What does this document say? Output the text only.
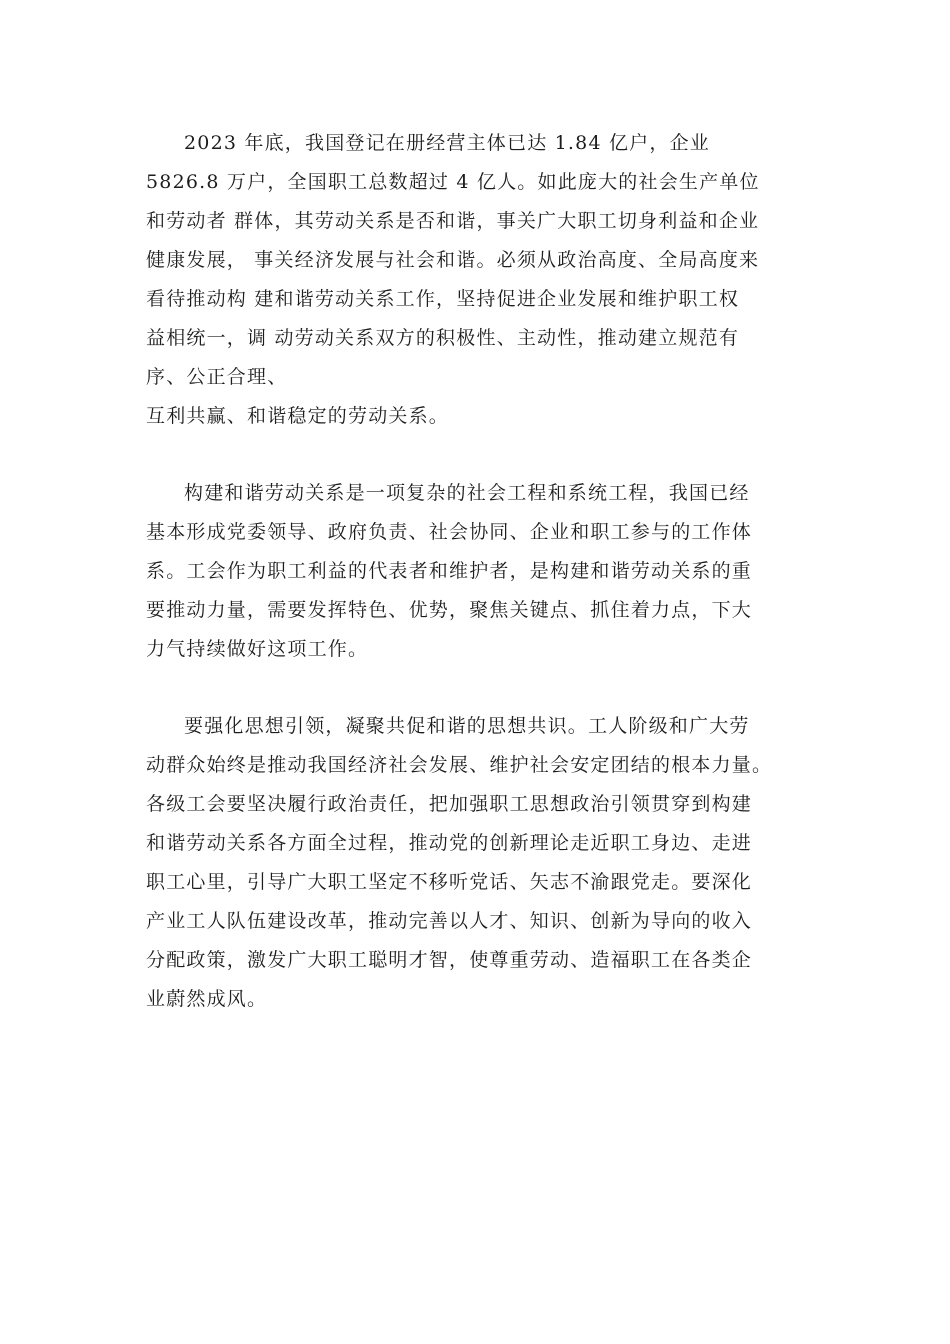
2023 年底，我国登记在册经营主体已达 1.84 亿户，企业
5826.8 万户，全国职工总数超过 4 亿人。如此庞大的社会生产单位
和劳动者 群体，其劳动关系是否和谐，事关广大职工切身利益和企业
健康发展， 事关经济发展与社会和谐。必须从政治高度、全局高度来
看待推动构 建和谐劳动关系工作，坚持促进企业发展和维护职工权
益相统一，调 动劳动关系双方的积极性、主动性，推动建立规范有
序、公正合理、
互利共赢、和谐稳定的劳动关系。
构建和谐劳动关系是一项复杂的社会工程和系统工程，我国已经
基本形成党委领导、政府负责、社会协同、企业和职工参与的工作体
系。工会作为职工利益的代表者和维护者，是构建和谐劳动关系的重
要推动力量，需要发挥特色、优势，聚焦关键点、抓住着力点，下大
力气持续做好这项工作。
要强化思想引领，凝聚共促和谐的思想共识。工人阶级和广大劳
动群众始终是推动我国经济社会发展、维护社会安定团结的根本力量。
各级工会要坚决履行政治责任，把加强职工思想政治引领贯穿到构建
和谐劳动关系各方面全过程，推动党的创新理论走近职工身边、走进
职工心里，引导广大职工坚定不移听党话、矢志不渝跟党走。要深化
产业工人队伍建设改革，推动完善以人才、知识、创新为导向的收入
分配政策，激发广大职工聪明才智，使尊重劳动、造福职工在各类企
业蔚然成风。
